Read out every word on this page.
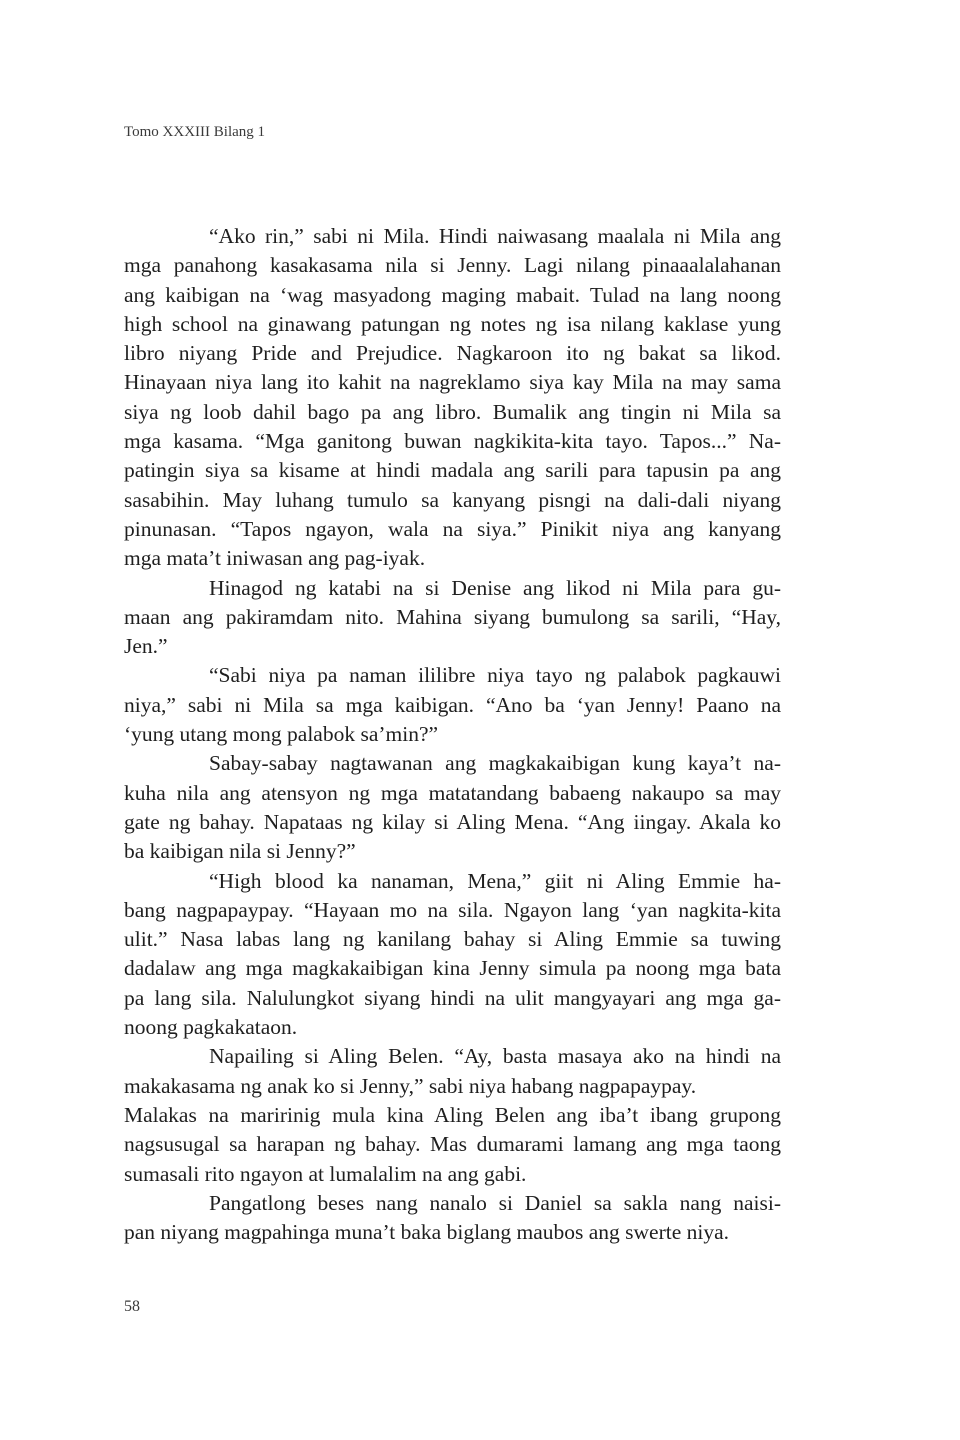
Tomo XXXIII Bilang 1
“Ako rin,” sabi ni Mila. Hindi naiwasang maalala ni Mila ang
mga panahong kasakasama nila si Jenny. Lagi nilang pinaaalalahanan
ang kaibigan na ‘wag masyadong maging mabait. Tulad na lang noong
high school na ginawang patungan ng notes ng isa nilang kaklase yung
libro niyang Pride and Prejudice. Nagkaroon ito ng bakat sa likod.
Hinayaan niya lang ito kahit na nagreklamo siya kay Mila na may sama
siya ng loob dahil bago pa ang libro. Bumalik ang tingin ni Mila sa
mga kasama. “Mga ganitong buwan nagkikita-kita tayo. Tapos...” Na-
patingin siya sa kisame at hindi madala ang sarili para tapusin pa ang
sasabihin. May luhang tumulo sa kanyang pisngi na dali-dali niyang
pinunasan. “Tapos ngayon, wala na siya.” Pinikit niya ang kanyang
mga mata’t iniwasan ang pag-iyak.
Hinagod ng katabi na si Denise ang likod ni Mila para gu-
maan ang pakiramdam nito. Mahina siyang bumulong sa sarili, “Hay,
Jen.”
“Sabi niya pa naman ililibre niya tayo ng palabok pagkauwi
niya,” sabi ni Mila sa mga kaibigan. “Ano ba ‘yan Jenny! Paano na
‘yung utang mong palabok sa’min?”
Sabay-sabay nagtawanan ang magkakaibigan kung kaya’t na-
kuha nila ang atensyon ng mga matatandang babaeng nakaupo sa may
gate ng bahay. Napataas ng kilay si Aling Mena. “Ang iingay. Akala ko
ba kaibigan nila si Jenny?”
“High blood ka nanaman, Mena,” giit ni Aling Emmie ha-
bang nagpapaypay. “Hayaan mo na sila. Ngayon lang ‘yan nagkita-kita
ulit.” Nasa labas lang ng kanilang bahay si Aling Emmie sa tuwing
dadalaw ang mga magkakaibigan kina Jenny simula pa noong mga bata
pa lang sila. Nalulungkot siyang hindi na ulit mangyayari ang mga ga-
noong pagkakataon.
Napailing si Aling Belen. “Ay, basta masaya ako na hindi na
makakasama ng anak ko si Jenny,” sabi niya habang nagpapaypay.
Malakas na maririnig mula kina Aling Belen ang iba’t ibang grupong
nagsusugal sa harapan ng bahay. Mas dumarami lamang ang mga taong
sumasali rito ngayon at lumalalim na ang gabi.
Pangatlong beses nang nanalo si Daniel sa sakla nang naisi-
pan niyang magpahinga muna’t baka biglang maubos ang swerte niya.
58
